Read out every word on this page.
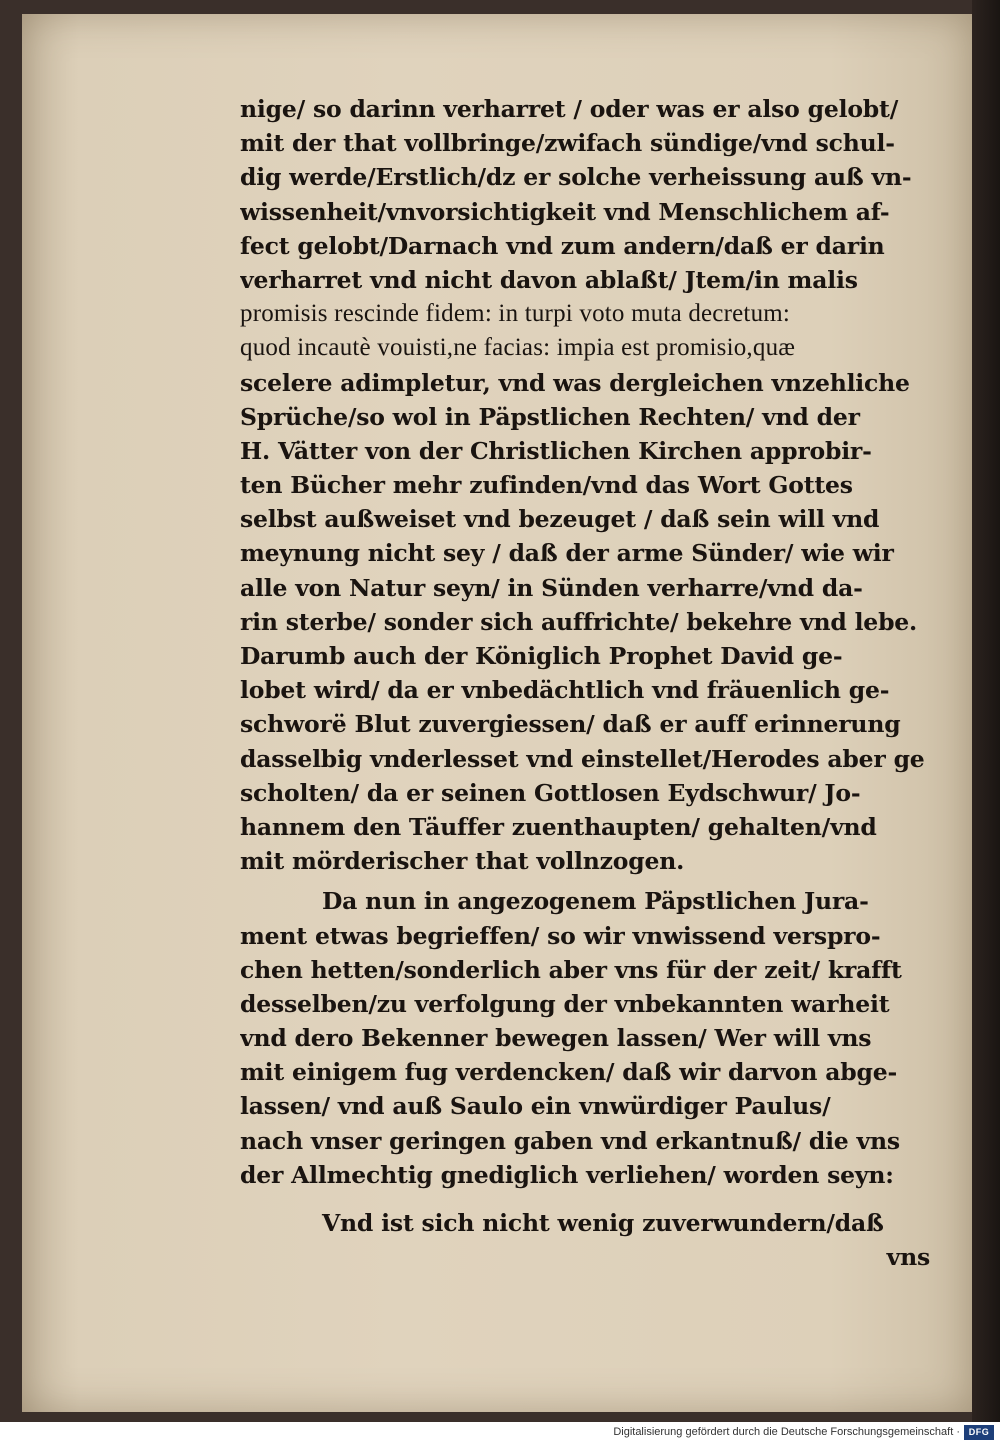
nige/ so darinn verharret / oder was er also gelobt/
mit der that vollbringe/zwifach sündige/vnd schul-
dig werde/Erstlich/dz er solche verheissung auß vn-
wissenheit/vnvorsichtigkeit vnd Menschlichem af-
fect gelobt/Darnach vnd zum andern/daß er darin
verharret vnd nicht davon ablaßt/ Jtem/in malis
promisis rescinde fidem: in turpi voto muta decretum:
quod incautè vouisti,ne facias: impia est promisio,quæ
scelere adimpletur, vnd was dergleichen vnzehliche
Sprüche/so wol in Päpstlichen Rechten/ vnd der
H. Vätter von der Christlichen Kirchen approbir-
ten Bücher mehr zufinden/vnd das Wort Gottes
selbst außweiset vnd bezeuget / daß sein will vnd
meynung nicht sey / daß der arme Sünder/ wie wir
alle von Natur seyn/ in Sünden verharre/vnd da-
rin sterbe/ sonder sich auffrichte/ bekehre vnd lebe.
Darumb auch der Königlich Prophet David ge-
lobet wird/ da er vnbedächtlich vnd fräuenlich ge-
schworë Blut zuvergiessen/ daß er auff erinnerung
dasselbig vnderlesset vnd einstellet/Herodes aber ge
scholten/ da er seinen Gottlosen Eydschwur/ Jo-
hannem den Täuffer zuenthaupten/ gehalten/vnd
mit mörderischer that vollnzogen.
Da nun in angezogenem Päpstlichen Jura-
ment etwas begrieffen/ so wir vnwissend verspro-
chen hetten/sonderlich aber vns für der zeit/ krafft
desselben/zu verfolgung der vnbekannten warheit
vnd dero Bekenner bewegen lassen/ Wer will vns
mit einigem fug verdencken/ daß wir darvon abge-
lassen/ vnd auß Saulo ein vnwürdiger Paulus/
nach vnser geringen gaben vnd erkantnuß/ die vns
der Allmechtig gnediglich verliehen/ worden seyn:
Vnd ist sich nicht wenig zuverwundern/daß
vns
Digitalisierung gefördert durch die Deutsche Forschungsgemeinschaft · DFG
